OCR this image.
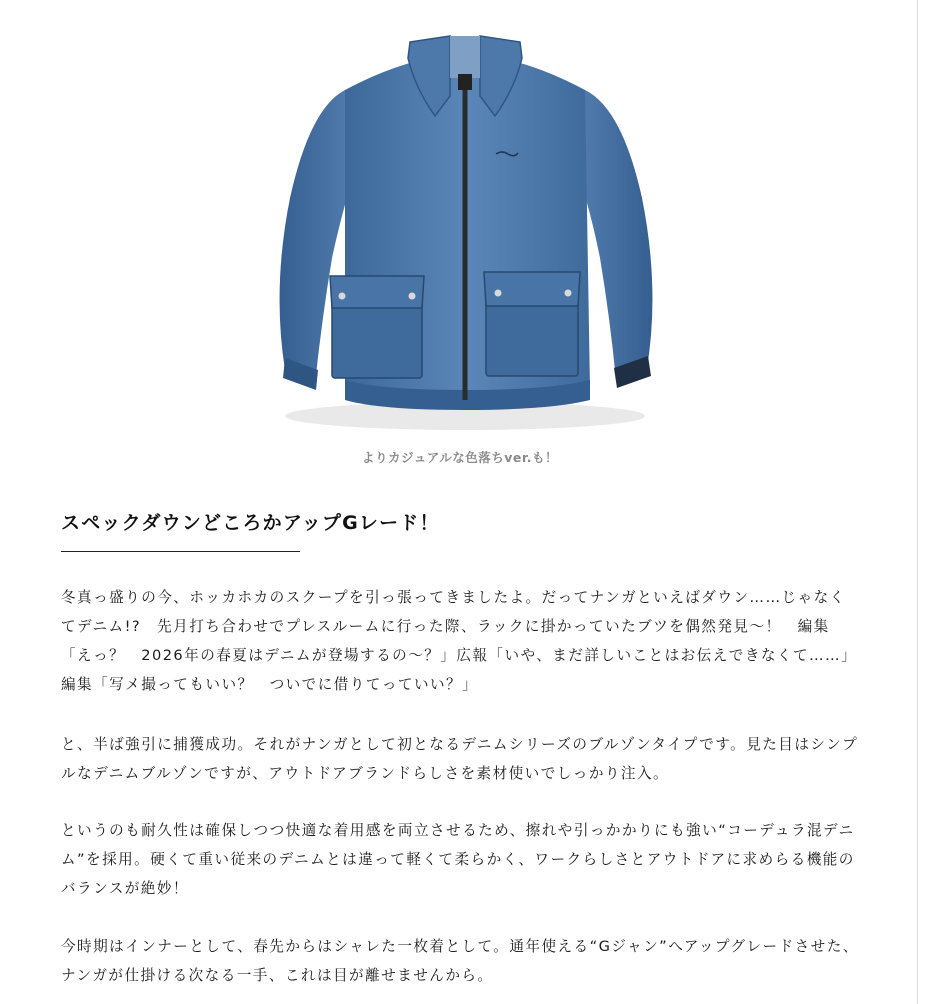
よりカジュアルな色落ちver.も！
スペックダウンどころかアップGレード！

冬真っ盛りの今、ホッカホカのスクープを引っ張ってきましたよ。だってナンガといえばダウン……じゃなくてデニム!?　先月打ち合わせでプレスルームに行った際、ラックに掛かっていたブツを偶然発見～！　編集「えっ？　2026年の春夏はデニムが登場するの～？」広報「いや、まだ詳しいことはお伝えできなくて……」編集「写メ撮ってもいい？　ついでに借りてっていい？」

と、半ば強引に捕獲成功。それがナンガとして初となるデニムシリーズのブルゾンタイプです。見た目はシンプルなデニムブルゾンですが、アウトドアブランドらしさを素材使いでしっかり注入。

というのも耐久性は確保しつつ快適な着用感を両立させるため、擦れや引っかかりにも強い“コーデュラ混デニム”を採用。硬くて重い従来のデニムとは違って軽くて柔らかく、ワークらしさとアウトドアに求めらる機能のバランスが絶妙！

今時期はインナーとして、春先からはシャレた一枚着として。通年使える“Gジャン”へアップグレードさせた、ナンガが仕掛ける次なる一手、これは目が離せませんから。
